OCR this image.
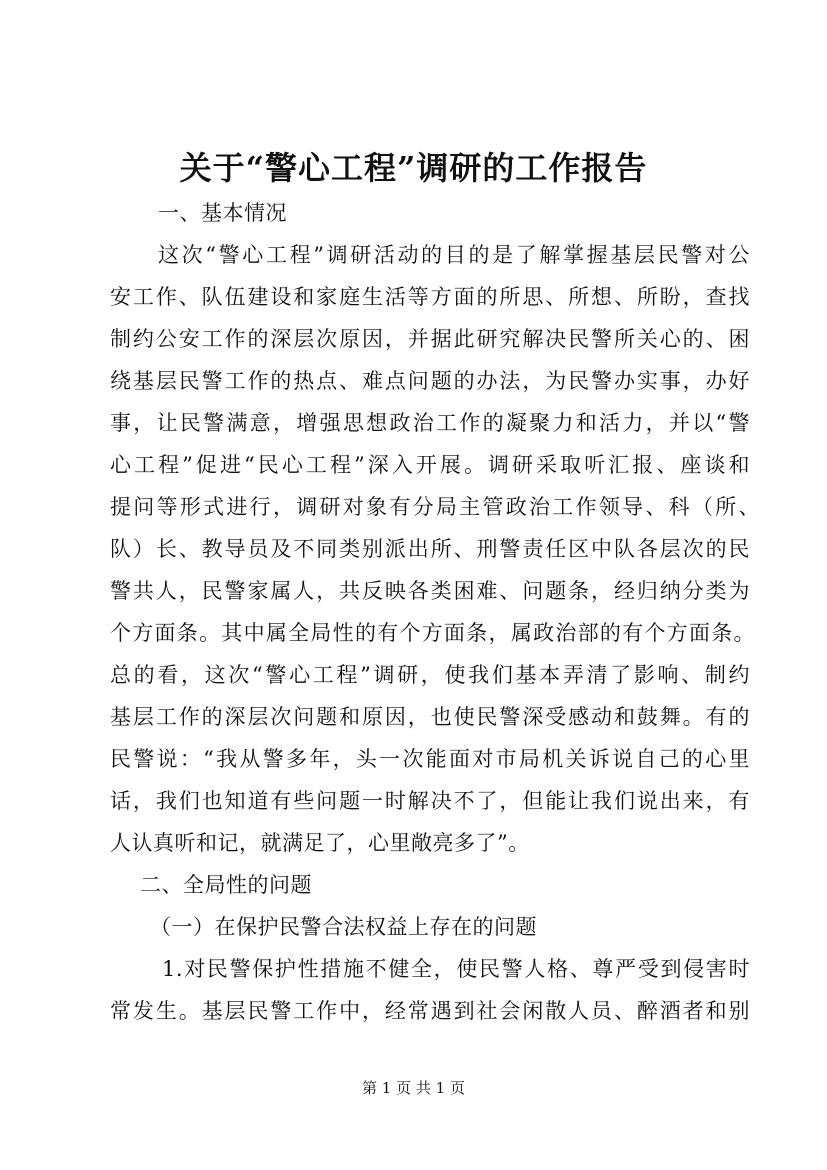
关于“警心工程”调研的工作报告
一、基本情况
这次“警心工程”调研活动的目的是了解掌握基层民警对公
安工作、队伍建设和家庭生活等方面的所思、所想、所盼，查找
制约公安工作的深层次原因，并据此研究解决民警所关心的、困
绕基层民警工作的热点、难点问题的办法，为民警办实事，办好
事，让民警满意，增强思想政治工作的凝聚力和活力，并以“警
心工程”促进“民心工程”深入开展。调研采取听汇报、座谈和
提问等形式进行，调研对象有分局主管政治工作领导、科（所、
队）长、教导员及不同类别派出所、刑警责任区中队各层次的民
警共人，民警家属人，共反映各类困难、问题条，经归纳分类为
个方面条。其中属全局性的有个方面条，属政治部的有个方面条。
总的看，这次“警心工程”调研，使我们基本弄清了影响、制约
基层工作的深层次问题和原因，也使民警深受感动和鼓舞。有的
民警说：“我从警多年，头一次能面对市局机关诉说自己的心里
话，我们也知道有些问题一时解决不了，但能让我们说出来，有
人认真听和记，就满足了，心里敞亮多了”。
二、全局性的问题
（一）在保护民警合法权益上存在的问题
1.对民警保护性措施不健全，使民警人格、尊严受到侵害时
常发生。基层民警工作中，经常遇到社会闲散人员、醉酒者和别
第 1 页 共 1 页
